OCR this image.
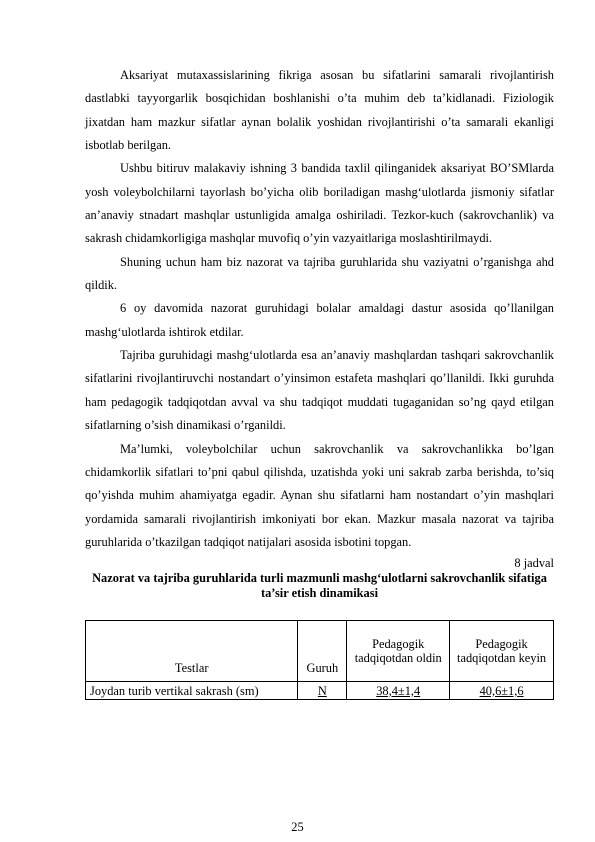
Aksariyat mutaxassislarining fikriga asosan bu sifatlarini samarali rivojlantirish dastlabki tayyorgarlik bosqichidan boshlanishi o’ta muhim deb ta’kidlanadi. Fiziologik jixatdan ham mazkur sifatlar aynan bolalik yoshidan rivojlantirishi o’ta samarali ekanligi isbotlab berilgan.

Ushbu bitiruv malakaviy ishning 3 bandida taxlil qilinganidek aksariyat BO’SMlarda yosh voleybolchilarni tayorlash bo’yicha olib boriladigan mashg‘ulotlarda jismoniy sifatlar an’anaviy stnadart mashqlar ustunligida amalga oshiriladi. Tezkor-kuch (sakrovchanlik) va sakrash chidamkorligiga mashqlar muvofiq o’yin vazyaitlariga moslashtirilmaydi.

Shuning uchun ham biz nazorat va tajriba guruhlarida shu vaziyatni o’rganishga ahd qildik.

6 oy davomida nazorat guruhidagi bolalar amaldagi dastur asosida qo’llanilgan mashg‘ulotlarda ishtirok etdilar.

Tajriba guruhidagi mashg‘ulotlarda esa an’anaviy mashqlardan tashqari sakrovchanlik sifatlarini rivojlantiruvchi nostandart o’yinsimon estafeta mashqlari qo’llanildi. Ikki guruhda ham pedagogik tadqiqotdan avval va shu tadqiqot muddati tugaganidan so’ng qayd etilgan sifatlarning o’sish dinamikasi o’rganildi.

Ma’lumki, voleybolchilar uchun sakrovchanlik va sakrovchanlikka bo’lgan chidamkorlik sifatlari to’pni qabul qilishda, uzatishda yoki uni sakrab zarba berishda, to’siq qo’yishda muhim ahamiyatga egadir. Aynan shu sifatlarni ham nostandart o’yin mashqlari yordamida samarali rivojlantirish imkoniyati bor ekan. Mazkur masala nazorat va tajriba guruhlarida o’tkazilgan tadqiqot natijalari asosida isbotini topgan.

8 jadval

Nazorat va tajriba guruhlarida turli mazmunli mashg‘ulotlarni sakrovchanlik sifatiga ta’sir etish dinamikasi

Testlar	Guruh	Pedagogik tadqiqotdan oldin	Pedagogik tadqiqotdan keyin
Joydan turib vertikal sakrash (sm)	N	38,4±1,4	40,6±1,6
25
